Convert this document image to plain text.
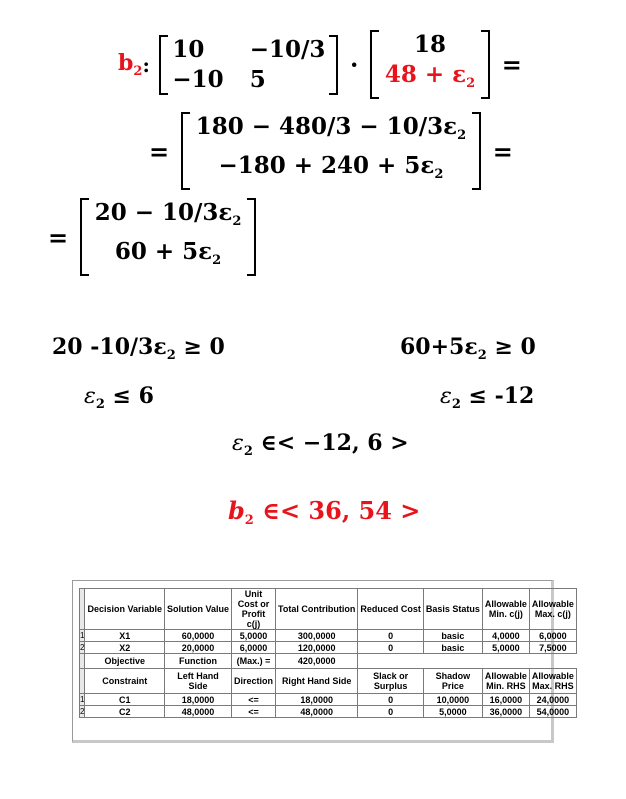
$b_2$:
10	−10/3
−10 5	·
18
$48 + \varepsilon_2$
=
=
$180 - 480/3 - 10/3\varepsilon_2$
$-180 + 240 + 5\varepsilon_2$
=
=
$20 - 10/3\varepsilon_2$
$60 + 5\varepsilon_2$
20 $-10/3\varepsilon_2 \ge 0$	$60+5\varepsilon_2 \ge 0$
$\varepsilon_2 \le 6$	$\varepsilon_2 \le -12$
$\varepsilon_2$ ∈< −12, 6 >
$b_2$ ∈< 36, 54 >
	Decision Variable	Solution Value	Unit Cost or Profit c(j)	Total Contribution	Reduced Cost	Basis Status	Allowable Min. c(j)	Allowable Max. c(j)
1	X1	60,0000	5,0000	300,0000	0	basic	4,0000	6,0000
2	X2	20,0000	6,0000	120,0000	0	basic	5,0000	7,5000
	Objective	Function	(Max.) =	420,0000				
	Constraint	Left Hand Side	Direction	Right Hand Side	Slack or Surplus	Shadow Price	Allowable Min. RHS	Allowable Max. RHS
1	C1	18,0000	<=	18,0000	0	10,0000	16,0000	24,0000
2	C2	48,0000	<=	48,0000	0	5,0000	36,0000	54,0000
